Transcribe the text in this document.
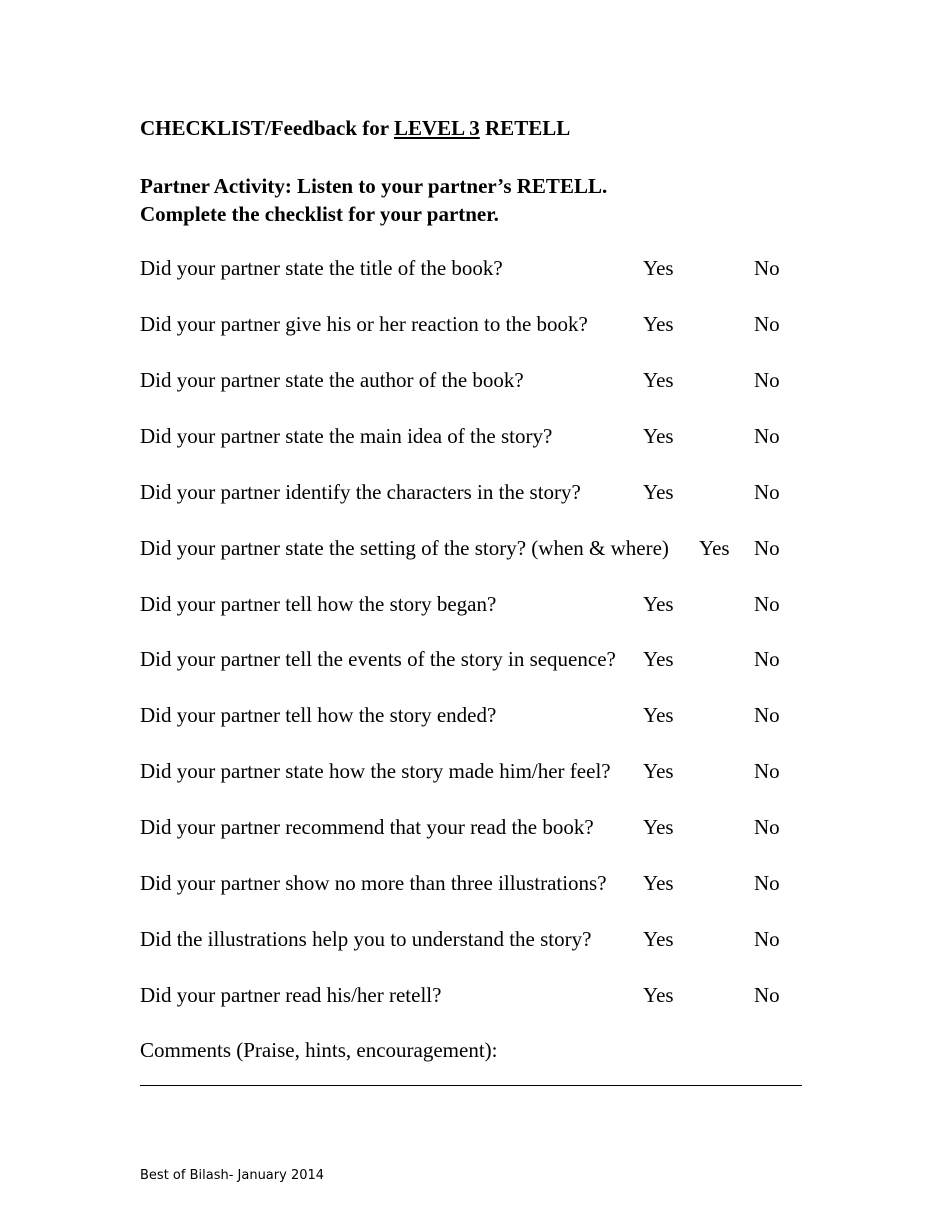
CHECKLIST/Feedback for LEVEL 3 RETELL
Partner Activity: Listen to your partner’s RETELL.
Complete the checklist for your partner.
Did your partner state the title of the book?	Yes	No
Did your partner give his or her reaction to the book?	Yes	No
Did your partner state the author of the book?	Yes	No
Did your partner state the main idea of the story?	Yes	No
Did your partner identify the characters in the story?	Yes	No
Did your partner state the setting of the story? (when & where) Yes No
Did your partner tell how the story began?	Yes	No
Did your partner tell the events of the story in sequence? Yes	No
Did your partner tell how the story ended?	Yes	No
Did your partner state how the story made him/her feel? Yes	No
Did your partner recommend that your read the book? Yes	No
Did your partner show no more than three illustrations? Yes	No
Did the illustrations help you to understand the story? Yes	No
Did your partner read his/her retell?	Yes	No
Comments (Praise, hints, encouragement):
Best of Bilash- January 2014
